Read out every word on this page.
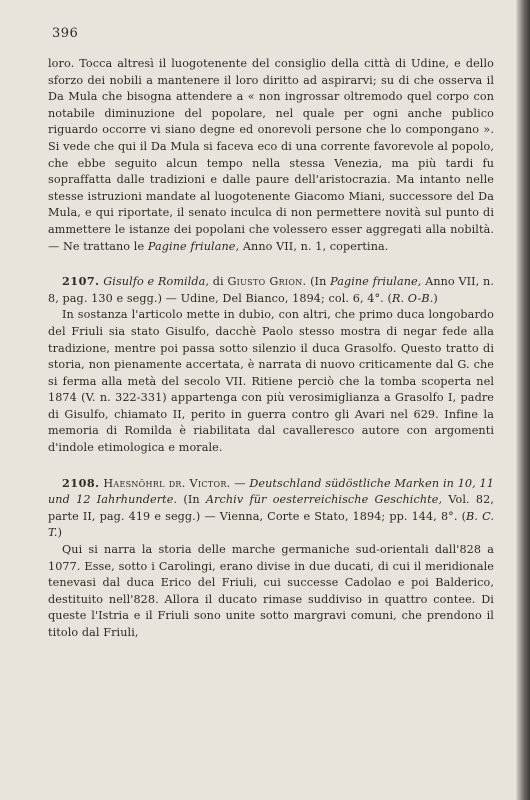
396

loro. Tocca altresì il luogotenente del consiglio della città di Udine, e dello sforzo dei nobili a mantenere il loro diritto ad aspirarvi; su di che osserva il Da Mula che bisogna attendere a « non ingrossar oltremodo quel corpo con notabile diminuzione del popolare, nel quale per ogni anche publico riguardo occorre vi siano degne ed onorevoli persone che lo compongano ». Si vede che qui il Da Mula si faceva eco di una corrente favorevole al popolo, che ebbe seguito alcun tempo nella stessa Venezia, ma più tardi fu sopraffatta dalle tradizioni e dalle paure dell'aristocrazia. Ma intanto nelle stesse istruzioni mandate al luogotenente Giacomo Miani, successore del Da Mula, e qui riportate, il senato inculca di non permettere novità sul punto di ammettere le istanze dei popolani che volessero esser aggregati alla nobiltà. — Ne trattano le Pagine friulane, Anno VII, n. 1, copertina.

2107. Gisulfo e Romilda, di Giusto Grion. (In Pagine friulane, Anno VII, n. 8, pag. 130 e segg.) — Udine, Del Bianco, 1894; col. 6, 4°. (R. O-B.)

In sostanza l'articolo mette in dubio, con altri, che primo duca longobardo del Friuli sia stato Gisulfo, dacchè Paolo stesso mostra di negar fede alla tradizione, mentre poi passa sotto silenzio il duca Grasolfo. Questo tratto di storia, non pienamente accertata, è narrata di nuovo criticamente dal G. che si ferma alla metà del secolo VII. Ritiene perciò che la tomba scoperta nel 1874 (V. n. 322-331) appartenga con più verosimiglianza a Grasolfo I, padre di Gisulfo, chiamato II, perito in guerra contro gli Avari nel 629. Infine la memoria di Romilda è riabilitata dal cavalleresco autore con argomenti d'indole etimologica e morale.

2108. Haesnöhrl dr. Victor. — Deutschland südöstliche Marken in 10, 11 und 12 Iahrhunderte. (In Archiv für oesterreichische Geschichte, Vol. 82, parte II, pag. 419 e segg.) — Vienna, Corte e Stato, 1894; pp. 144, 8°. (B. C. T.)

Qui si narra la storia delle marche germaniche sud-orientali dall'828 a 1077. Esse, sotto i Carolingi, erano divise in due ducati, di cui il meridionale tenevasi dal duca Erico del Friuli, cui successe Cadolao e poi Balderico, destituito nell'828. Allora il ducato rimase suddiviso in quattro contee. Di queste l'Istria e il Friuli sono unite sotto margravi comuni, che prendono il titolo dal Friuli,
